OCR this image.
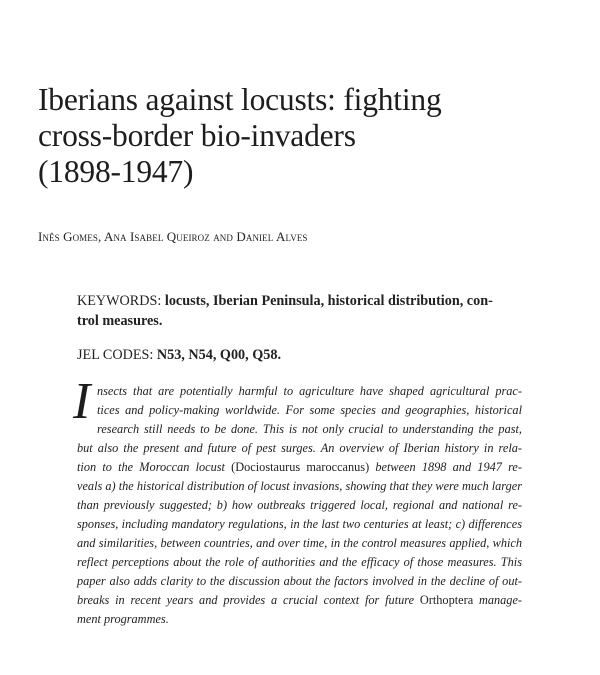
Iberians against locusts: fighting
cross-border bio-invaders
(1898-1947)

Inês Gomes, Ana Isabel Queiroz and Daniel Alves

KEYWORDS: locusts, Iberian Peninsula, historical distribution, con-
trol measures.

JEL CODES: N53, N54, Q00, Q58.

I nsects that are potentially harmful to agriculture have shaped agricultural prac-
tices and policy-making worldwide. For some species and geographies, historical
research still needs to be done. This is not only crucial to understanding the past,
but also the present and future of pest surges. An overview of Iberian history in rela-
tion to the Moroccan locust (Dociostaurus maroccanus) between 1898 and 1947 re-
veals a) the historical distribution of locust invasions, showing that they were much larger
than previously suggested; b) how outbreaks triggered local, regional and national re-
sponses, including mandatory regulations, in the last two centuries at least; c) differences
and similarities, between countries, and over time, in the control measures applied, which
reflect perceptions about the role of authorities and the efficacy of those measures. This
paper also adds clarity to the discussion about the factors involved in the decline of out-
breaks in recent years and provides a crucial context for future Orthoptera manage-
ment programmes.
